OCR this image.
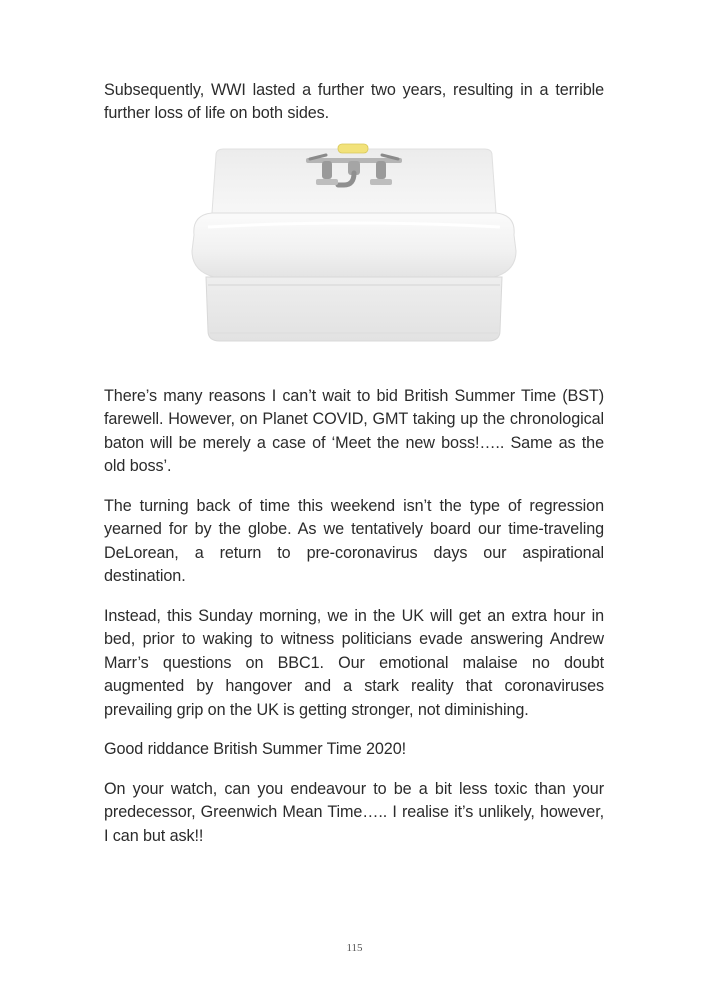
Subsequently, WWI lasted a further two years, resulting in a terrible further loss of life on both sides.

There’s many reasons I can’t wait to bid British Summer Time (BST) farewell. However, on Planet COVID, GMT taking up the chronological baton will be merely a case of ‘Meet the new boss!….. Same as the old boss’.

The turning back of time this weekend isn’t the type of regression yearned for by the globe. As we tentatively board our time-traveling DeLorean, a return to pre-coronavirus days our aspirational destination.

Instead, this Sunday morning, we in the UK will get an extra hour in bed, prior to waking to witness politicians evade answering Andrew Marr’s questions on BBC1. Our emotional malaise no doubt augmented by hangover and a stark reality that coronaviruses prevailing grip on the UK is getting stronger, not diminishing.

Good riddance British Summer Time 2020!

On your watch, can you endeavour to be a bit less toxic than your predecessor, Greenwich Mean Time….. I realise it’s unlikely, however, I can but ask!!

115
